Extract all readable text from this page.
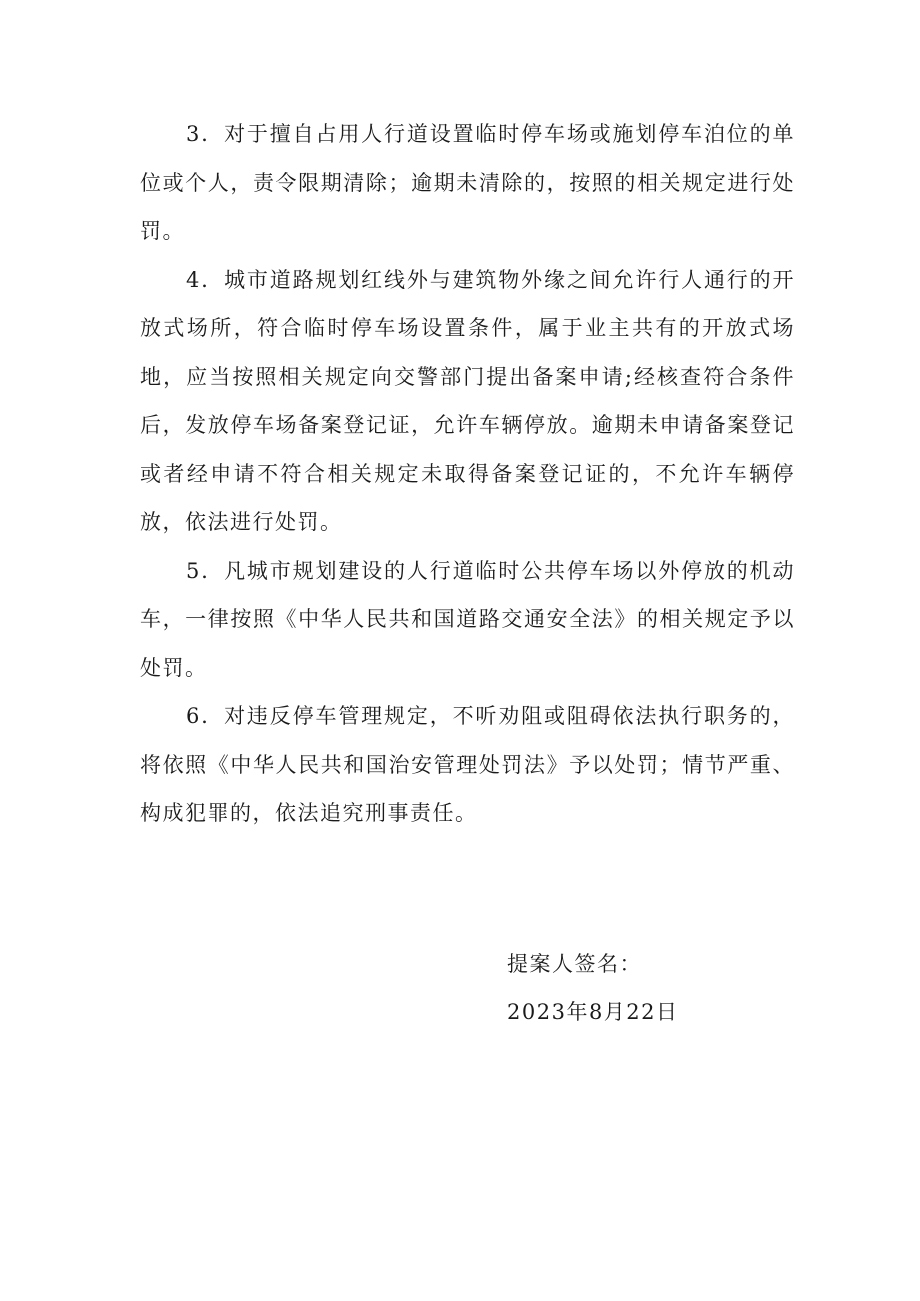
3．对于擅自占用人行道设置临时停车场或施划停车泊位的单位或个人，责令限期清除；逾期未清除的，按照的相关规定进行处罚。

4．城市道路规划红线外与建筑物外缘之间允许行人通行的开放式场所，符合临时停车场设置条件，属于业主共有的开放式场地，应当按照相关规定向交警部门提出备案申请;经核查符合条件后，发放停车场备案登记证，允许车辆停放。逾期未申请备案登记或者经申请不符合相关规定未取得备案登记证的，不允许车辆停放，依法进行处罚。

5．凡城市规划建设的人行道临时公共停车场以外停放的机动车，一律按照《中华人民共和国道路交通安全法》的相关规定予以处罚。

6．对违反停车管理规定，不听劝阻或阻碍依法执行职务的，将依照《中华人民共和国治安管理处罚法》予以处罚；情节严重、构成犯罪的，依法追究刑事责任。

提案人签名：

2023年8月22日
